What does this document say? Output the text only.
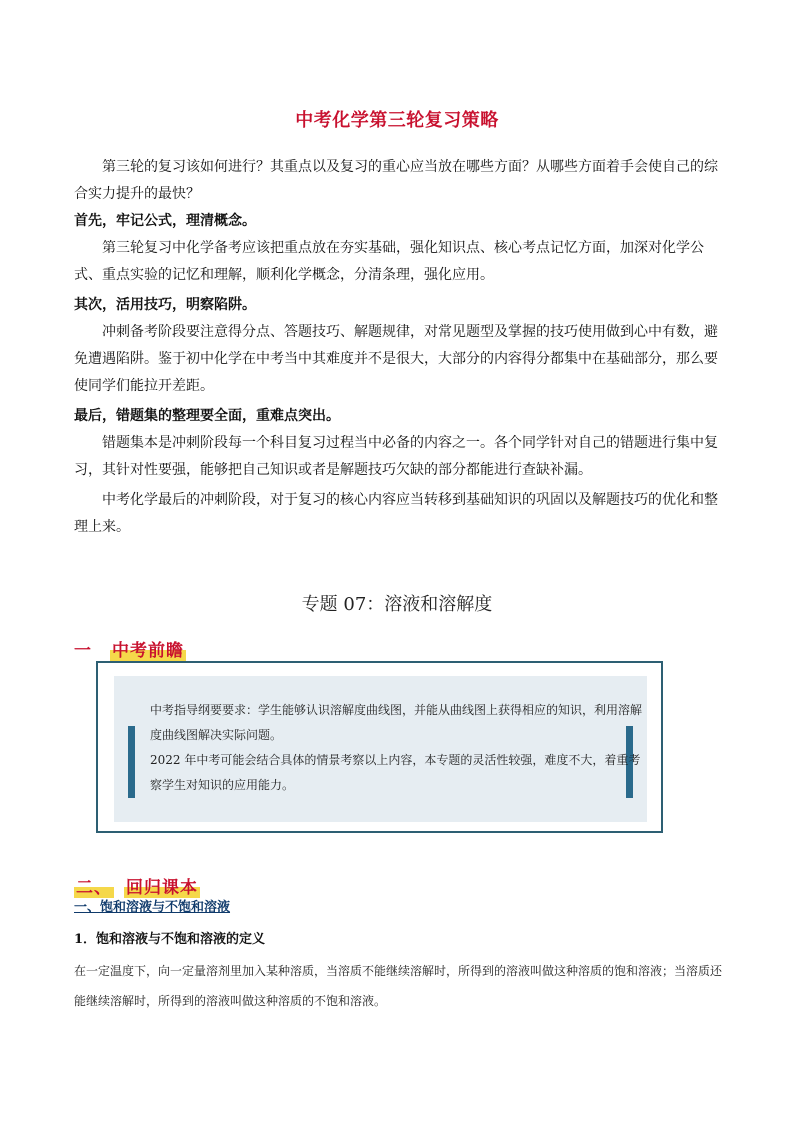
中考化学第三轮复习策略

第三轮的复习该如何进行？其重点以及复习的重心应当放在哪些方面？从哪些方面着手会使自己的综合实力提升的最快？

首先，牢记公式，理清概念。

第三轮复习中化学备考应该把重点放在夯实基础，强化知识点、核心考点记忆方面，加深对化学公式、重点实验的记忆和理解，顺利化学概念，分清条理，强化应用。

其次，活用技巧，明察陷阱。

冲刺备考阶段要注意得分点、答题技巧、解题规律，对常见题型及掌握的技巧使用做到心中有数，避免遭遇陷阱。鉴于初中化学在中考当中其难度并不是很大，大部分的内容得分都集中在基础部分，那么要使同学们能拉开差距。

最后，错题集的整理要全面，重难点突出。

错题集本是冲刺阶段每一个科目复习过程当中必备的内容之一。各个同学针对自己的错题进行集中复习，其针对性要强，能够把自己知识或者是解题技巧欠缺的部分都能进行查缺补漏。

中考化学最后的冲刺阶段，对于复习的核心内容应当转移到基础知识的巩固以及解题技巧的优化和整理上来。

专题 07：溶液和溶解度
一 中考前瞻

中考指导纲要要求：学生能够认识溶解度曲线图，并能从曲线图上获得相应的知识，利用溶解度曲线图解决实际问题。

2022 年中考可能会结合具体的情景考察以上内容，本专题的灵活性较强，难度不大，着重考察学生对知识的应用能力。

二、 回归课本
一、饱和溶液与不饱和溶液
1．饱和溶液与不饱和溶液的定义

在一定温度下，向一定量溶剂里加入某种溶质，当溶质不能继续溶解时，所得到的溶液叫做这种溶质的饱和溶液；当溶质还能继续溶解时，所得到的溶液叫做这种溶质的不饱和溶液。
